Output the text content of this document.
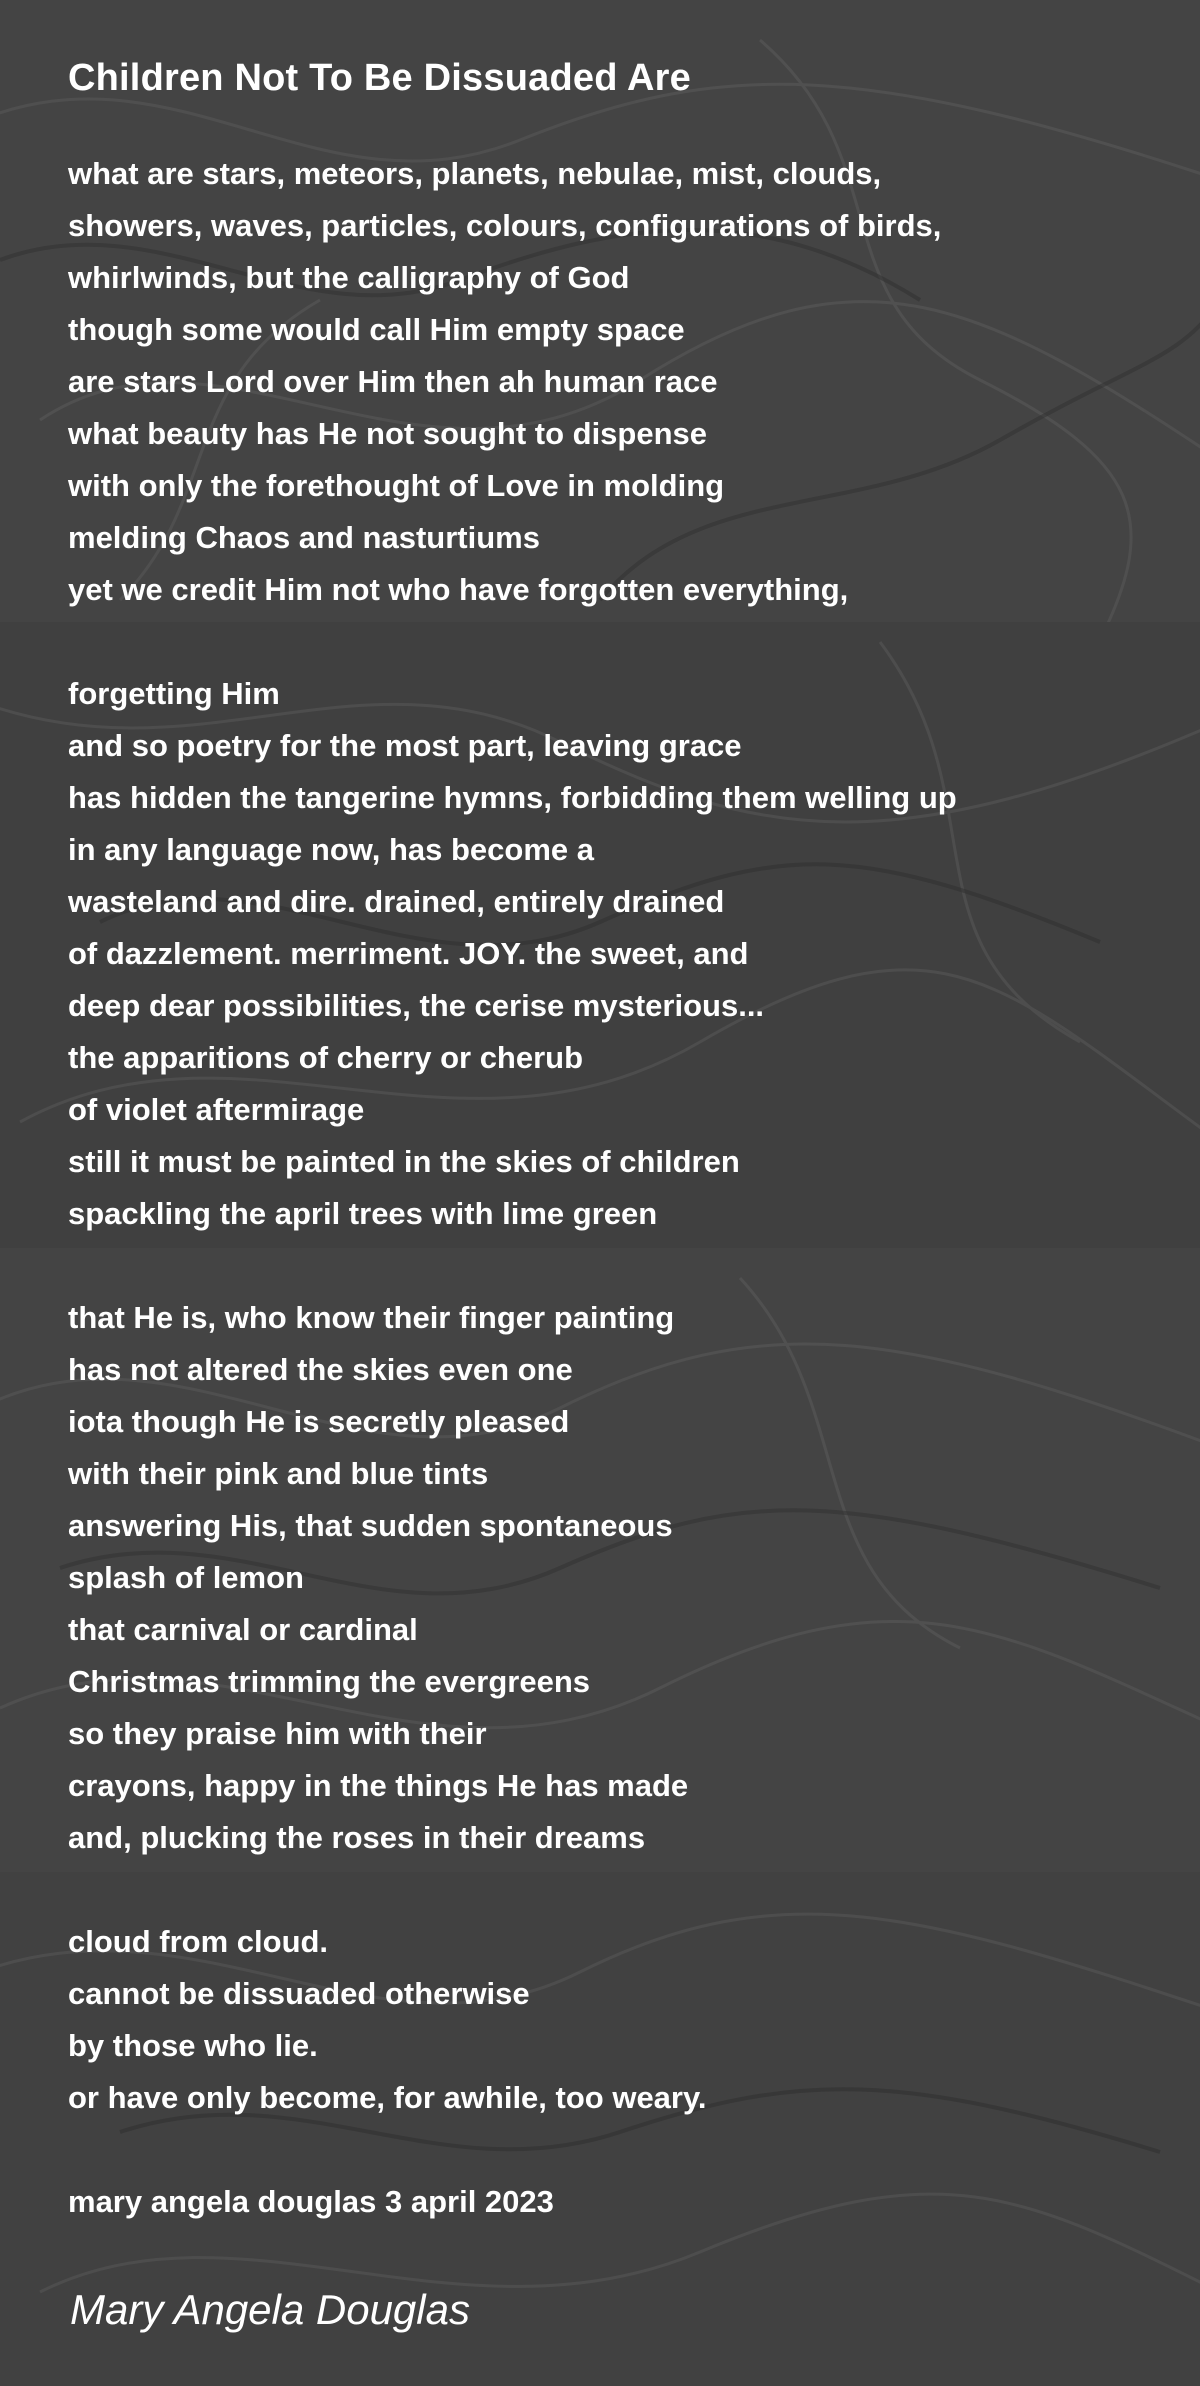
Children Not To Be Dissuaded Are
what are stars, meteors, planets, nebulae, mist, clouds,
showers, waves, particles, colours, configurations of birds,
whirlwinds, but the calligraphy of God
though some would call Him empty space
are stars Lord over Him then ah human race
what beauty has He not sought to dispense
with only the forethought of Love in molding
melding Chaos and nasturtiums
yet we credit Him not who have forgotten everything,
forgetting Him
and so poetry for the most part, leaving grace
has hidden the tangerine hymns, forbidding them welling up
in any language now, has become a
wasteland and dire. drained, entirely drained
of dazzlement. merriment. JOY. the sweet, and
deep dear possibilities, the cerise mysterious...
the apparitions of cherry or cherub
of violet aftermirage
still it must be painted in the skies of children
spackling the april trees with lime green
that He is, who know their finger painting
has not altered the skies even one
iota though He is secretly pleased
with their pink and blue tints
answering His, that sudden spontaneous
splash of lemon
that carnival or cardinal
Christmas trimming the evergreens
so they praise him with their
crayons, happy in the things He has made
and, plucking the roses in their dreams
cloud from cloud.
cannot be dissuaded otherwise
by those who lie.
or have only become, for awhile, too weary.
mary angela douglas 3 april 2023
Mary Angela Douglas
